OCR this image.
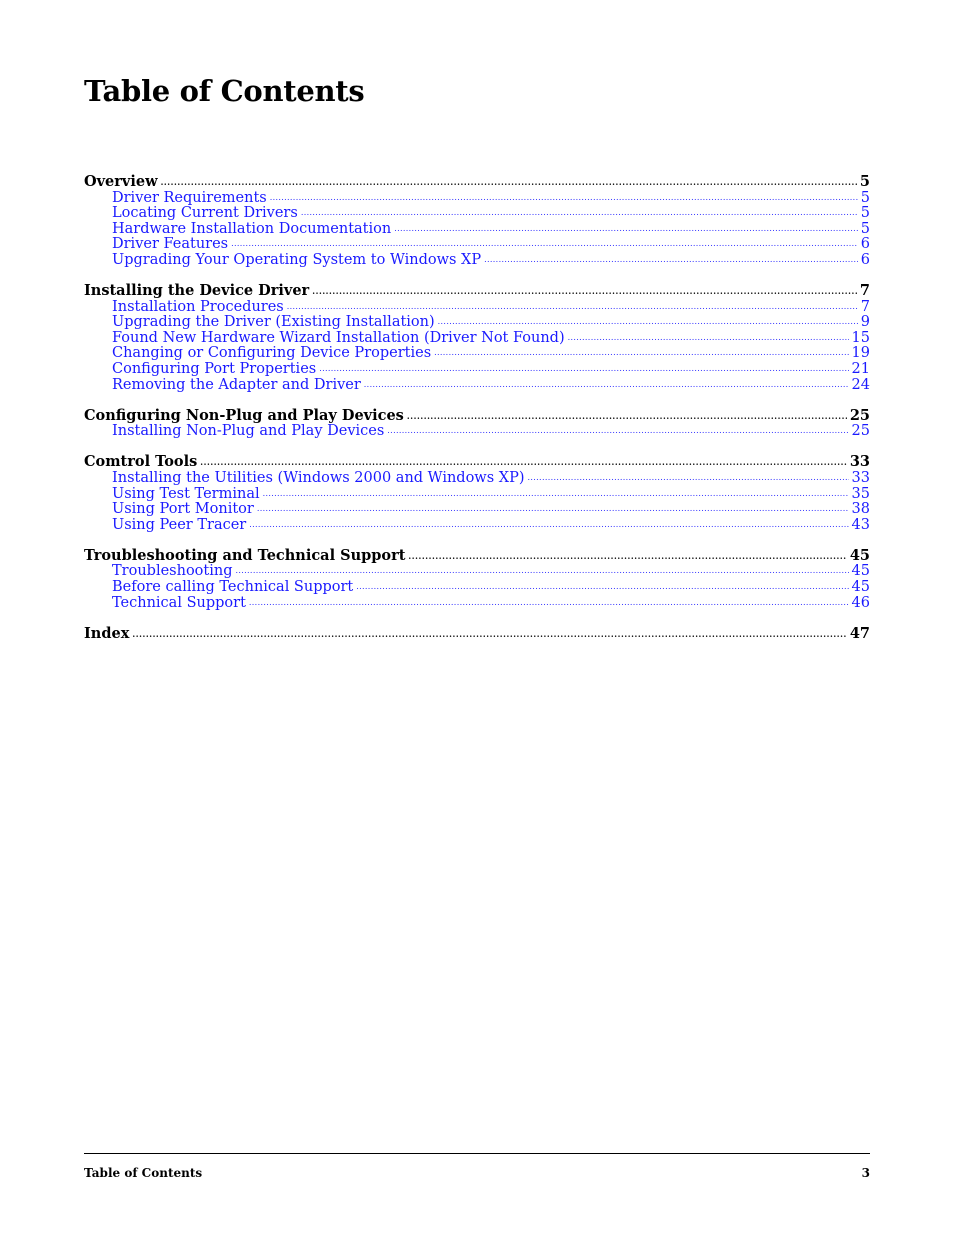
Table of Contents
Overview . . .	5
Driver Requirements . . .	5
Locating Current Drivers . . .	5
Hardware Installation Documentation . . .	5
Driver Features . . .	6
Upgrading Your Operating System to Windows XP . . .	6
Installing the Device Driver . . .	7
Installation Procedures . . .	7
Upgrading the Driver (Existing Installation) . . .	9
Found New Hardware Wizard Installation (Driver Not Found) . . .	15
Changing or Configuring Device Properties . . .	19
Configuring Port Properties . . .	21
Removing the Adapter and Driver . . .	24
Configuring Non-Plug and Play Devices . . .	25
Installing Non-Plug and Play Devices . . .	25
Comtrol Tools . . .	33
Installing the Utilities (Windows 2000 and Windows XP) . . .	33
Using Test Terminal . . .	35
Using Port Monitor . . .	38
Using Peer Tracer . . .	43
Troubleshooting and Technical Support . . .	45
Troubleshooting . . .	45
Before calling Technical Support . . .	45
Technical Support . . .	46
Index . . .	47
Table of Contents	3
